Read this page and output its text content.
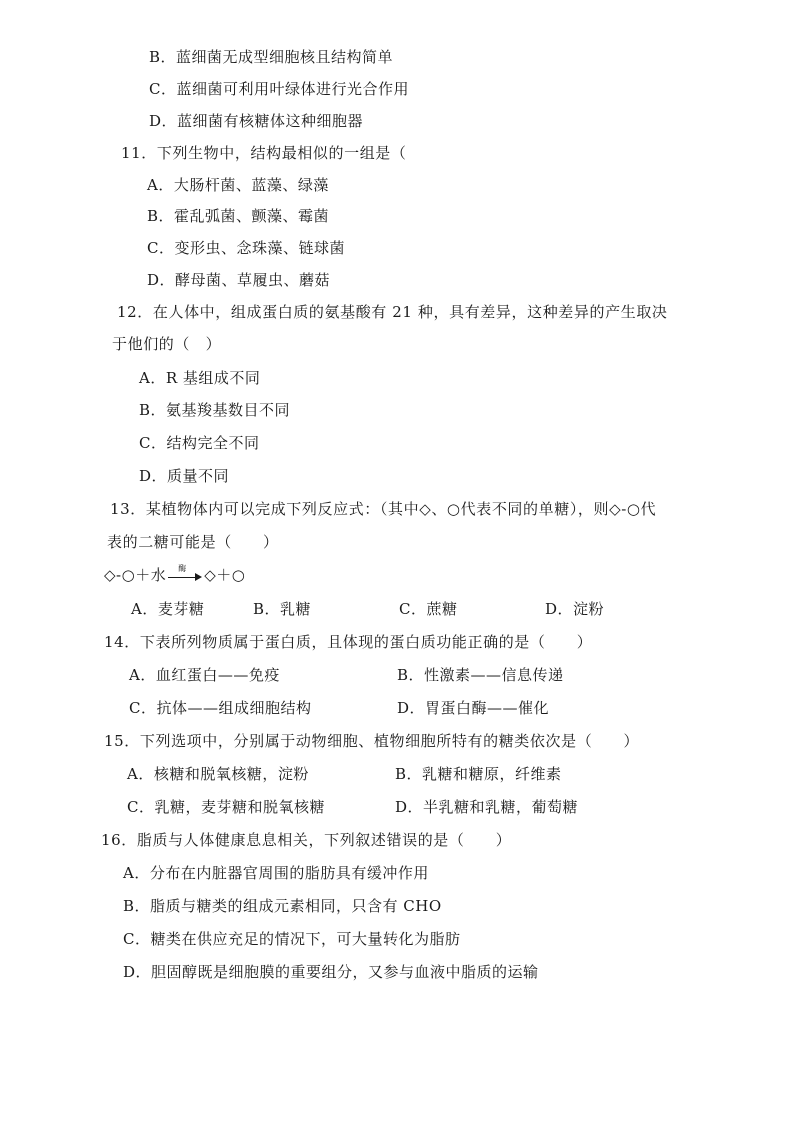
B．蓝细菌无成型细胞核且结构简单
C．蓝细菌可利用叶绿体进行光合作用
D．蓝细菌有核糖体这种细胞器
11．下列生物中，结构最相似的一组是（
A．大肠杆菌、蓝藻、绿藻
B．霍乱弧菌、颤藻、霉菌
C．变形虫、念珠藻、链球菌
D．酵母菌、草履虫、蘑菇
12．在人体中，组成蛋白质的氨基酸有 21 种，具有差异，这种差异的产生取决
于他们的（　）
A．R 基组成不同
B．氨基羧基数目不同
C．结构完全不同
D．质量不同
13．某植物体内可以完成下列反应式：（其中◇、○代表不同的单糖），则◇-○代
表的二糖可能是（　　）
◇-○＋水 酶 ◇＋○
A．麦芽糖	B．乳糖	C．蔗糖	D．淀粉
14．下表所列物质属于蛋白质，且体现的蛋白质功能正确的是（　　）
A．血红蛋白——免疫	B．性激素——信息传递
C．抗体——组成细胞结构	D．胃蛋白酶——催化
15．下列选项中，分别属于动物细胞、植物细胞所特有的糖类依次是（　　）
A．核糖和脱氧核糖，淀粉	B．乳糖和糖原，纤维素
C．乳糖，麦芽糖和脱氧核糖	D．半乳糖和乳糖，葡萄糖
16．脂质与人体健康息息相关，下列叙述错误的是（　　）
A．分布在内脏器官周围的脂肪具有缓冲作用
B．脂质与糖类的组成元素相同，只含有 CHO
C．糖类在供应充足的情况下，可大量转化为脂肪
D．胆固醇既是细胞膜的重要组分，又参与血液中脂质的运输
